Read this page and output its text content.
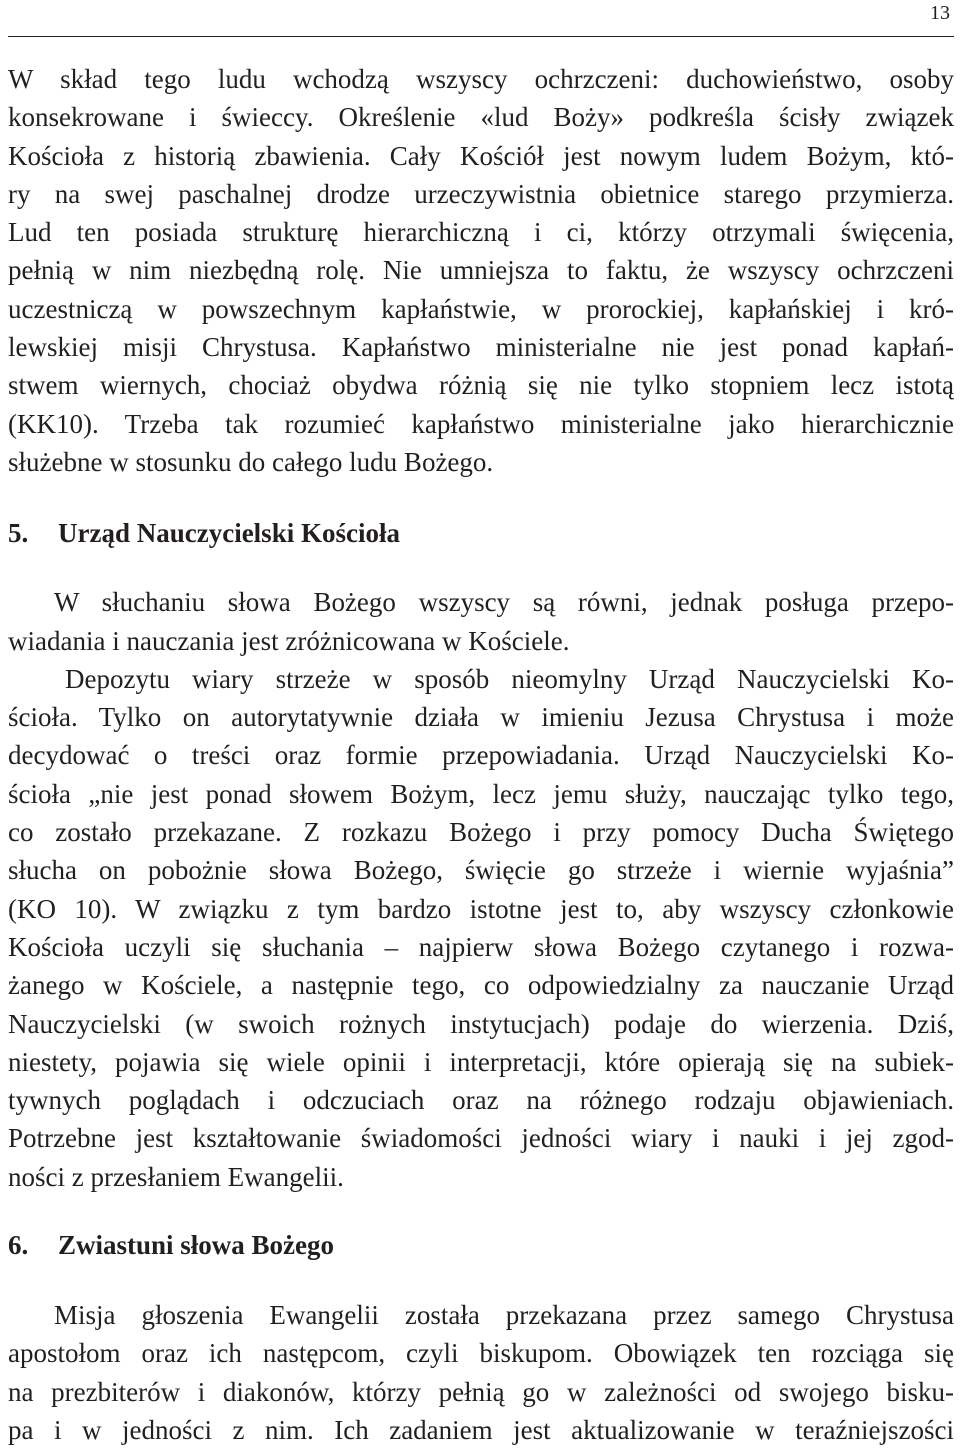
13

W skład tego ludu wchodzą wszyscy ochrzczeni: duchowieństwo, osoby

konsekrowane i świeccy. Określenie «lud Boży» podkreśla ścisły związek

Kościoła z historią zbawienia. Cały Kościół jest nowym ludem Bożym, któ-

ry na swej paschalnej drodze urzeczywistnia obietnice starego przymierza.

Lud ten posiada strukturę hierarchiczną i ci, którzy otrzymali święcenia,

pełnią w nim niezbędną rolę. Nie umniejsza to faktu, że wszyscy ochrzczeni

uczestniczą w powszechnym kapłaństwie, w prorockiej, kapłańskiej i kró-

lewskiej misji Chrystusa. Kapłaństwo ministerialne nie jest ponad kapłań-

stwem wiernych, chociaż obydwa różnią się nie tylko stopniem lecz istotą

(KK10). Trzeba tak rozumieć kapłaństwo ministerialne jako hierarchicznie

służebne w stosunku do całego ludu Bożego.

5. Urząd Nauczycielski Kościoła

W słuchaniu słowa Bożego wszyscy są równi, jednak posługa przepo-

wiadania i nauczania jest zróżnicowana w Kościele.

Depozytu wiary strzeże w sposób nieomylny Urząd Nauczycielski Ko-

ścioła. Tylko on autorytatywnie działa w imieniu Jezusa Chrystusa i może

decydować o treści oraz formie przepowiadania. Urząd Nauczycielski Ko-

ścioła „nie jest ponad słowem Bożym, lecz jemu służy, nauczając tylko tego,

co zostało przekazane. Z rozkazu Bożego i przy pomocy Ducha Świętego

słucha on pobożnie słowa Bożego, święcie go strzeże i wiernie wyjaśnia”

(KO 10). W związku z tym bardzo istotne jest to, aby wszyscy członkowie

Kościoła uczyli się słuchania – najpierw słowa Bożego czytanego i rozwa-

żanego w Kościele, a następnie tego, co odpowiedzialny za nauczanie Urząd

Nauczycielski (w swoich rożnych instytucjach) podaje do wierzenia. Dziś,

niestety, pojawia się wiele opinii i interpretacji, które opierają się na subiek-

tywnych poglądach i odczuciach oraz na różnego rodzaju objawieniach.

Potrzebne jest kształtowanie świadomości jedności wiary i nauki i jej zgod-

ności z przesłaniem Ewangelii.

6. Zwiastuni słowa Bożego

Misja głoszenia Ewangelii została przekazana przez samego Chrystusa

apostołom oraz ich następcom, czyli biskupom. Obowiązek ten rozciąga się

na prezbiterów i diakonów, którzy pełnią go w zależności od swojego bisku-

pa i w jedności z nim. Ich zadaniem jest aktualizowanie w teraźniejszości
